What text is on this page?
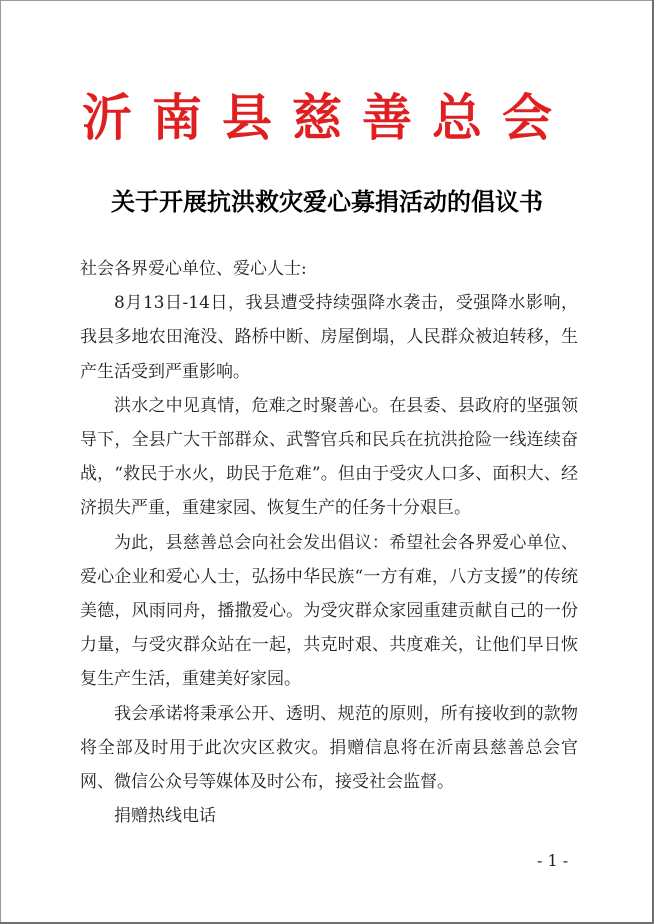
沂南县慈善总会
关于开展抗洪救灾爱心募捐活动的倡议书

社会各界爱心单位、爱心人士:

8月13日-14日，我县遭受持续强降水袭击，受强降水影响，我县多地农田淹没、路桥中断、房屋倒塌，人民群众被迫转移，生产生活受到严重影响。

洪水之中见真情，危难之时聚善心。在县委、县政府的坚强领导下，全县广大干部群众、武警官兵和民兵在抗洪抢险一线连续奋战，“救民于水火，助民于危难”。但由于受灾人口多、面积大、经济损失严重，重建家园、恢复生产的任务十分艰巨。

为此，县慈善总会向社会发出倡议：希望社会各界爱心单位、爱心企业和爱心人士，弘扬中华民族“一方有难，八方支援”的传统美德，风雨同舟，播撒爱心。为受灾群众家园重建贡献自己的一份力量，与受灾群众站在一起，共克时艰、共度难关，让他们早日恢复生产生活，重建美好家园。

我会承诺将秉承公开、透明、规范的原则，所有接收到的款物将全部及时用于此次灾区救灾。捐赠信息将在沂南县慈善总会官网、微信公众号等媒体及时公布，接受社会监督。

捐赠热线电话

- 1 -
